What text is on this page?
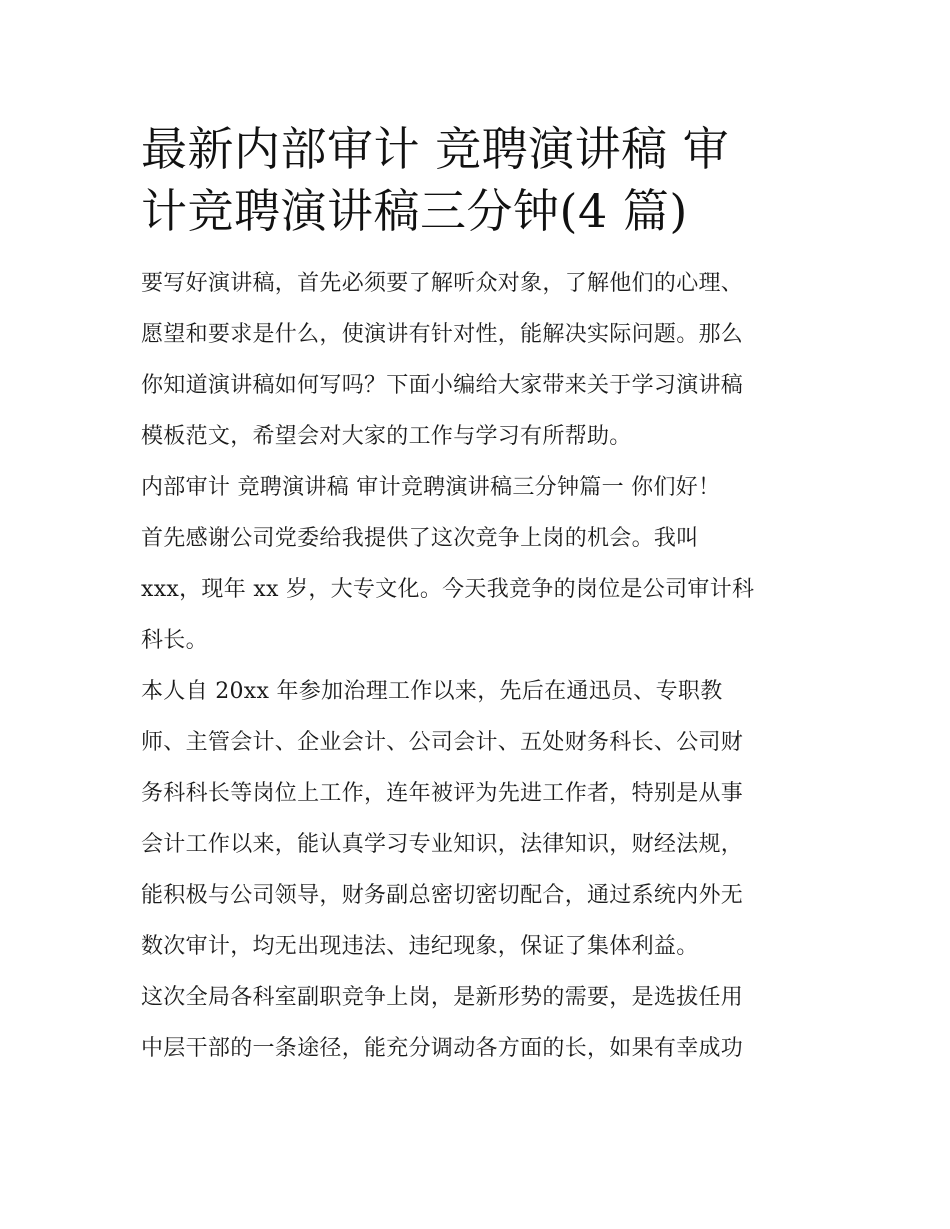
最新内部审计 竞聘演讲稿 审
计竞聘演讲稿三分钟(4 篇)
要写好演讲稿，首先必须要了解听众对象，了解他们的心理、
愿望和要求是什么，使演讲有针对性，能解决实际问题。那么
你知道演讲稿如何写吗？下面小编给大家带来关于学习演讲稿
模板范文，希望会对大家的工作与学习有所帮助。
内部审计 竞聘演讲稿 审计竞聘演讲稿三分钟篇一 你们好！
首先感谢公司党委给我提供了这次竞争上岗的机会。我叫
xxx，现年 xx 岁，大专文化。今天我竞争的岗位是公司审计科
科长。
本人自 20xx 年参加治理工作以来，先后在通迅员、专职教
师、主管会计、企业会计、公司会计、五处财务科长、公司财
务科科长等岗位上工作，连年被评为先进工作者，特别是从事
会计工作以来，能认真学习专业知识，法律知识，财经法规，
能积极与公司领导，财务副总密切密切配合，通过系统内外无
数次审计，均无出现违法、违纪现象，保证了集体利益。
这次全局各科室副职竞争上岗，是新形势的需要，是选拔任用
中层干部的一条途径，能充分调动各方面的长，如果有幸成功
